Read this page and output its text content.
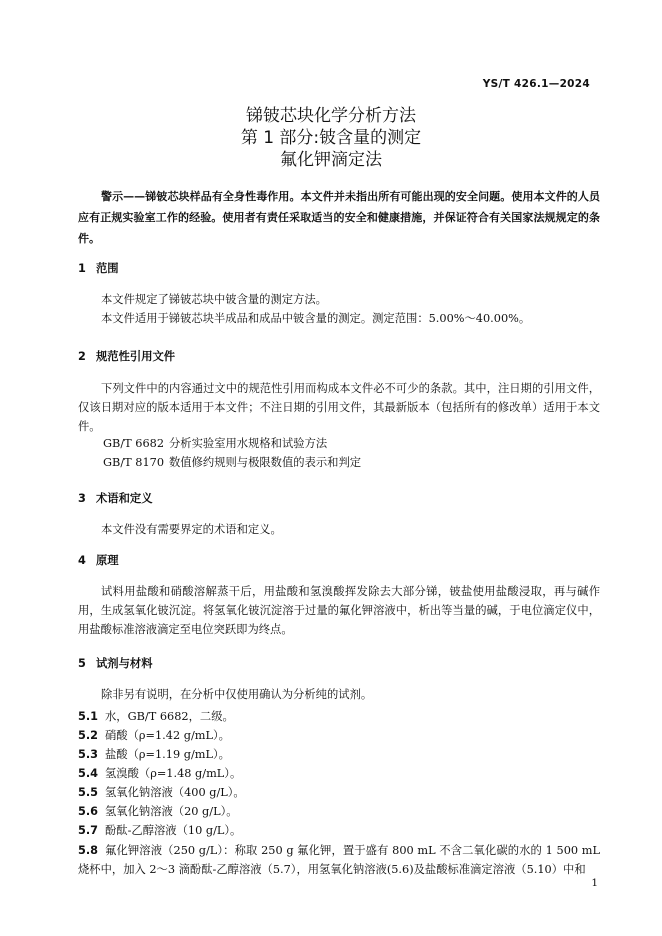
YS/T 426.1—2024
锑铍芯块化学分析方法
第 1 部分:铍含量的测定
氟化钾滴定法

警示——锑铍芯块样品有全身性毒作用。本文件并未指出所有可能出现的安全问题。使用本文件的人员应有正规实验室工作的经验。使用者有责任采取适当的安全和健康措施，并保证符合有关国家法规规定的条件。

1 范围

本文件规定了锑铍芯块中铍含量的测定方法。

本文件适用于锑铍芯块半成品和成品中铍含量的测定。测定范围：5.00%～40.00%。

2 规范性引用文件

下列文件中的内容通过文中的规范性引用而构成本文件必不可少的条款。其中，注日期的引用文件，仅该日期对应的版本适用于本文件；不注日期的引用文件，其最新版本（包括所有的修改单）适用于本文件。

GB/T 6682 分析实验室用水规格和试验方法
GB/T 8170 数值修约规则与极限数值的表示和判定
3 术语和定义

本文件没有需要界定的术语和定义。

4 原理

试料用盐酸和硝酸溶解蒸干后，用盐酸和氢溴酸挥发除去大部分锑，铍盐使用盐酸浸取，再与碱作用，生成氢氧化铍沉淀。将氢氧化铍沉淀溶于过量的氟化钾溶液中，析出等当量的碱，于电位滴定仪中，用盐酸标准溶液滴定至电位突跃即为终点。

5 试剂与材料

除非另有说明，在分析中仅使用确认为分析纯的试剂。

5.1 水，GB/T 6682，二级。
5.2 硝酸（ρ=1.42 g/mL）。
5.3 盐酸（ρ=1.19 g/mL）。
5.4 氢溴酸（ρ=1.48 g/mL）。
5.5 氢氧化钠溶液（400 g/L）。
5.6 氢氧化钠溶液（20 g/L）。
5.7 酚酞-乙醇溶液（10 g/L）。

5.8 氟化钾溶液（250 g/L）：称取 250 g 氟化钾，置于盛有 800 mL 不含二氧化碳的水的 1 500 mL 烧杯中，加入 2～3 滴酚酞-乙醇溶液（5.7），用氢氧化钠溶液(5.6)及盐酸标准滴定溶液（5.10）中和

1
